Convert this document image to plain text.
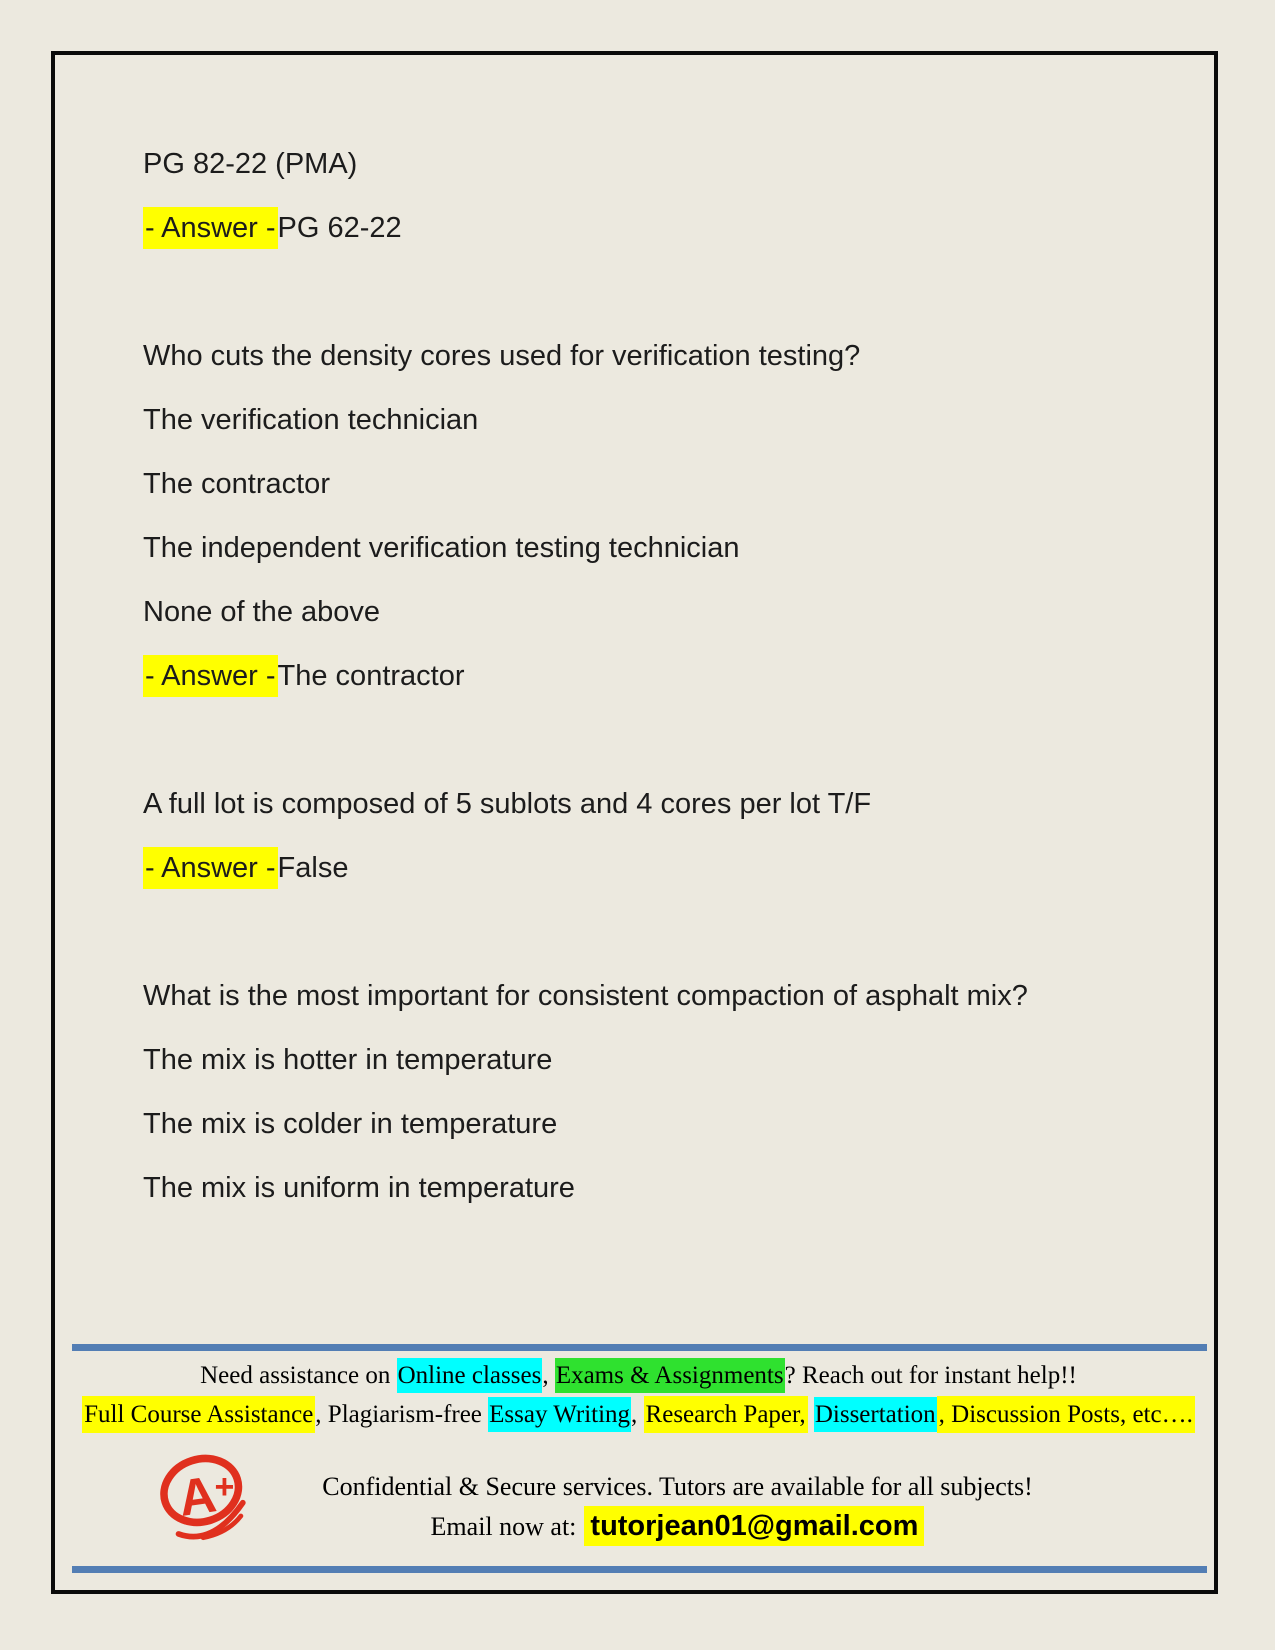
PG 82-22 (PMA)

- Answer -PG 62-22

Who cuts the density cores used for verification testing?

The verification technician

The contractor

The independent verification testing technician

None of the above

- Answer -The contractor

A full lot is composed of 5 sublots and 4 cores per lot T/F

- Answer -False

What is the most important for consistent compaction of asphalt mix?

The mix is hotter in temperature

The mix is colder in temperature

The mix is uniform in temperature

Need assistance on Online classes, Exams & Assignments? Reach out for instant help!!
Full Course Assistance, Plagiarism-free Essay Writing, Research Paper, Dissertation , Discussion Posts, etc….
A
+	Confidential & Secure services. Tutors are available for all subjects!
Email now at: tutorjean01@gmail.com
